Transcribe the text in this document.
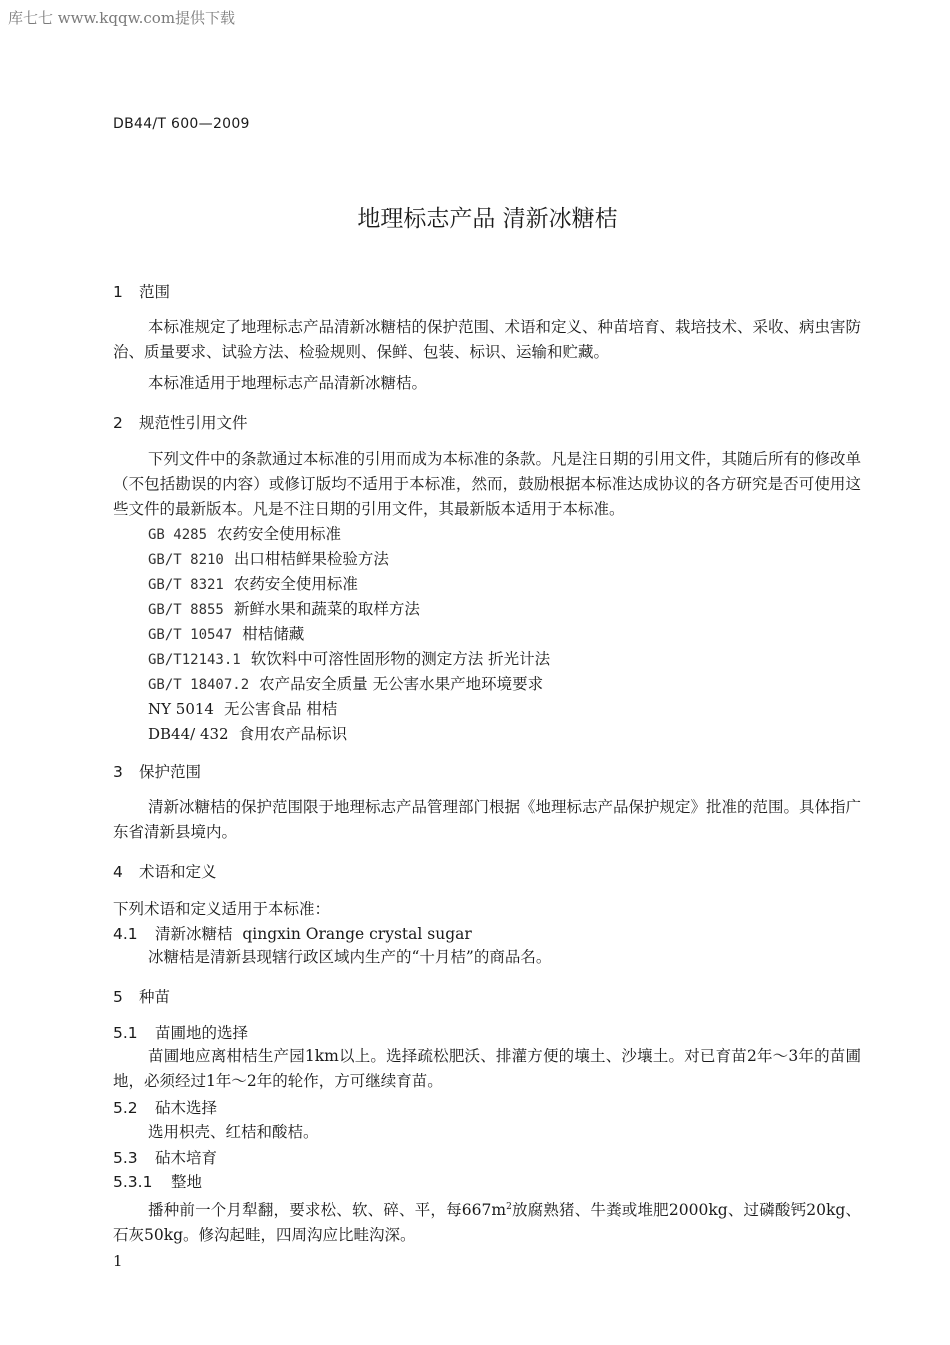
库七七 www.kqqw.com提供下载
DB44/T 600—2009
地理标志产品 清新冰糖桔
1 范围
本标准规定了地理标志产品清新冰糖桔的保护范围、术语和定义、种苗培育、栽培技术、采收、病虫害防治、质量要求、试验方法、检验规则、保鲜、包装、标识、运输和贮藏。
本标准适用于地理标志产品清新冰糖桔。
2 规范性引用文件
下列文件中的条款通过本标准的引用而成为本标准的条款。凡是注日期的引用文件，其随后所有的修改单（不包括勘误的内容）或修订版均不适用于本标准，然而，鼓励根据本标准达成协议的各方研究是否可使用这些文件的最新版本。凡是不注日期的引用文件，其最新版本适用于本标准。
GB 4285 农药安全使用标准
GB/T 8210 出口柑桔鲜果检验方法
GB/T 8321 农药安全使用标准
GB/T 8855 新鲜水果和蔬菜的取样方法
GB/T 10547 柑桔储藏
GB/T12143.1 软饮料中可溶性固形物的测定方法 折光计法
GB/T 18407.2 农产品安全质量 无公害水果产地环境要求
NY 5014 无公害食品 柑桔
DB44/ 432 食用农产品标识
3 保护范围
清新冰糖桔的保护范围限于地理标志产品管理部门根据《地理标志产品保护规定》批准的范围。具体指广东省清新县境内。
4 术语和定义
下列术语和定义适用于本标准：
4.1 清新冰糖桔 qingxin Orange crystal sugar
冰糖桔是清新县现辖行政区域内生产的“十月桔”的商品名。
5 种苗
5.1 苗圃地的选择
苗圃地应离柑桔生产园1km以上。选择疏松肥沃、排灌方便的壤土、沙壤土。对已育苗2年～3年的苗圃地，必须经过1年～2年的轮作，方可继续育苗。
5.2 砧木选择
选用枳壳、红桔和酸桔。
5.3 砧木培育
5.3.1 整地
播种前一个月犁翻，要求松、软、碎、平，每$667m^2$放腐熟猪、牛粪或堆肥2000kg、过磷酸钙20kg、石灰50kg。修沟起畦，四周沟应比畦沟深。
1
